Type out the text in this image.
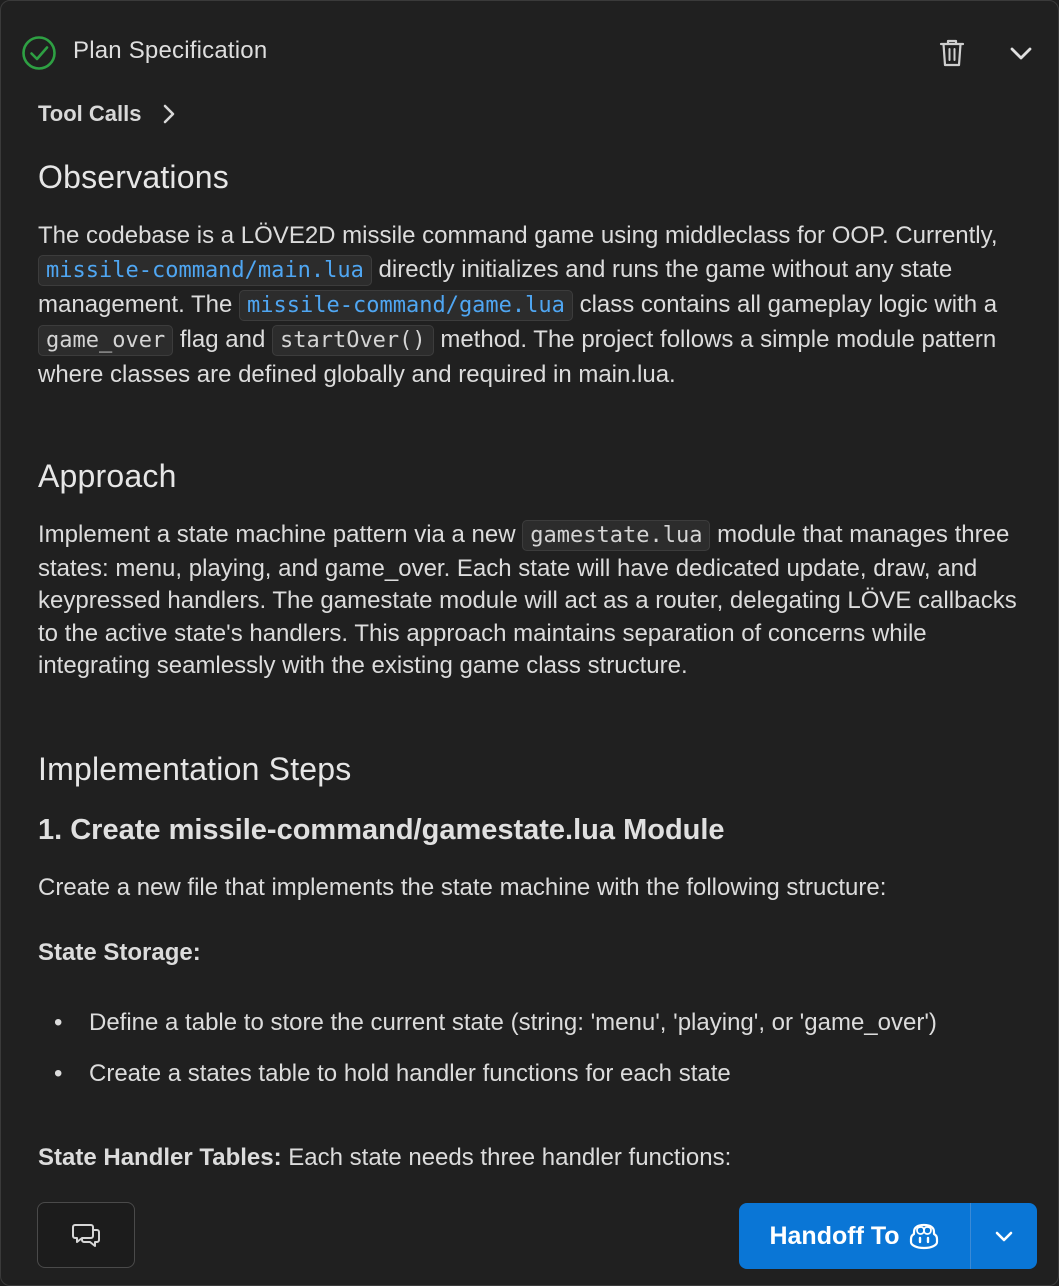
Plan Specification
Tool Calls
Observations

The codebase is a LÖVE2D missile command game using middleclass for OOP. Currently, missile-command/main.lua directly initializes and runs the game without any state management. The missile-command/game.lua class contains all gameplay logic with a game_over flag and startOver() method. The project follows a simple module pattern where classes are defined globally and required in main.lua.

Approach

Implement a state machine pattern via a new gamestate.lua module that manages three states: menu, playing, and game_over. Each state will have dedicated update, draw, and keypressed handlers. The gamestate module will act as a router, delegating LÖVE callbacks to the active state's handlers. This approach maintains separation of concerns while integrating seamlessly with the existing game class structure.

Implementation Steps
1. Create missile-command/gamestate.lua Module

Create a new file that implements the state machine with the following structure:

State Storage:

• Define a table to store the current state (string: 'menu', 'playing', or 'game_over')
• Create a states table to hold handler functions for each state

State Handler Tables: Each state needs three handler functions:

Handoff To
